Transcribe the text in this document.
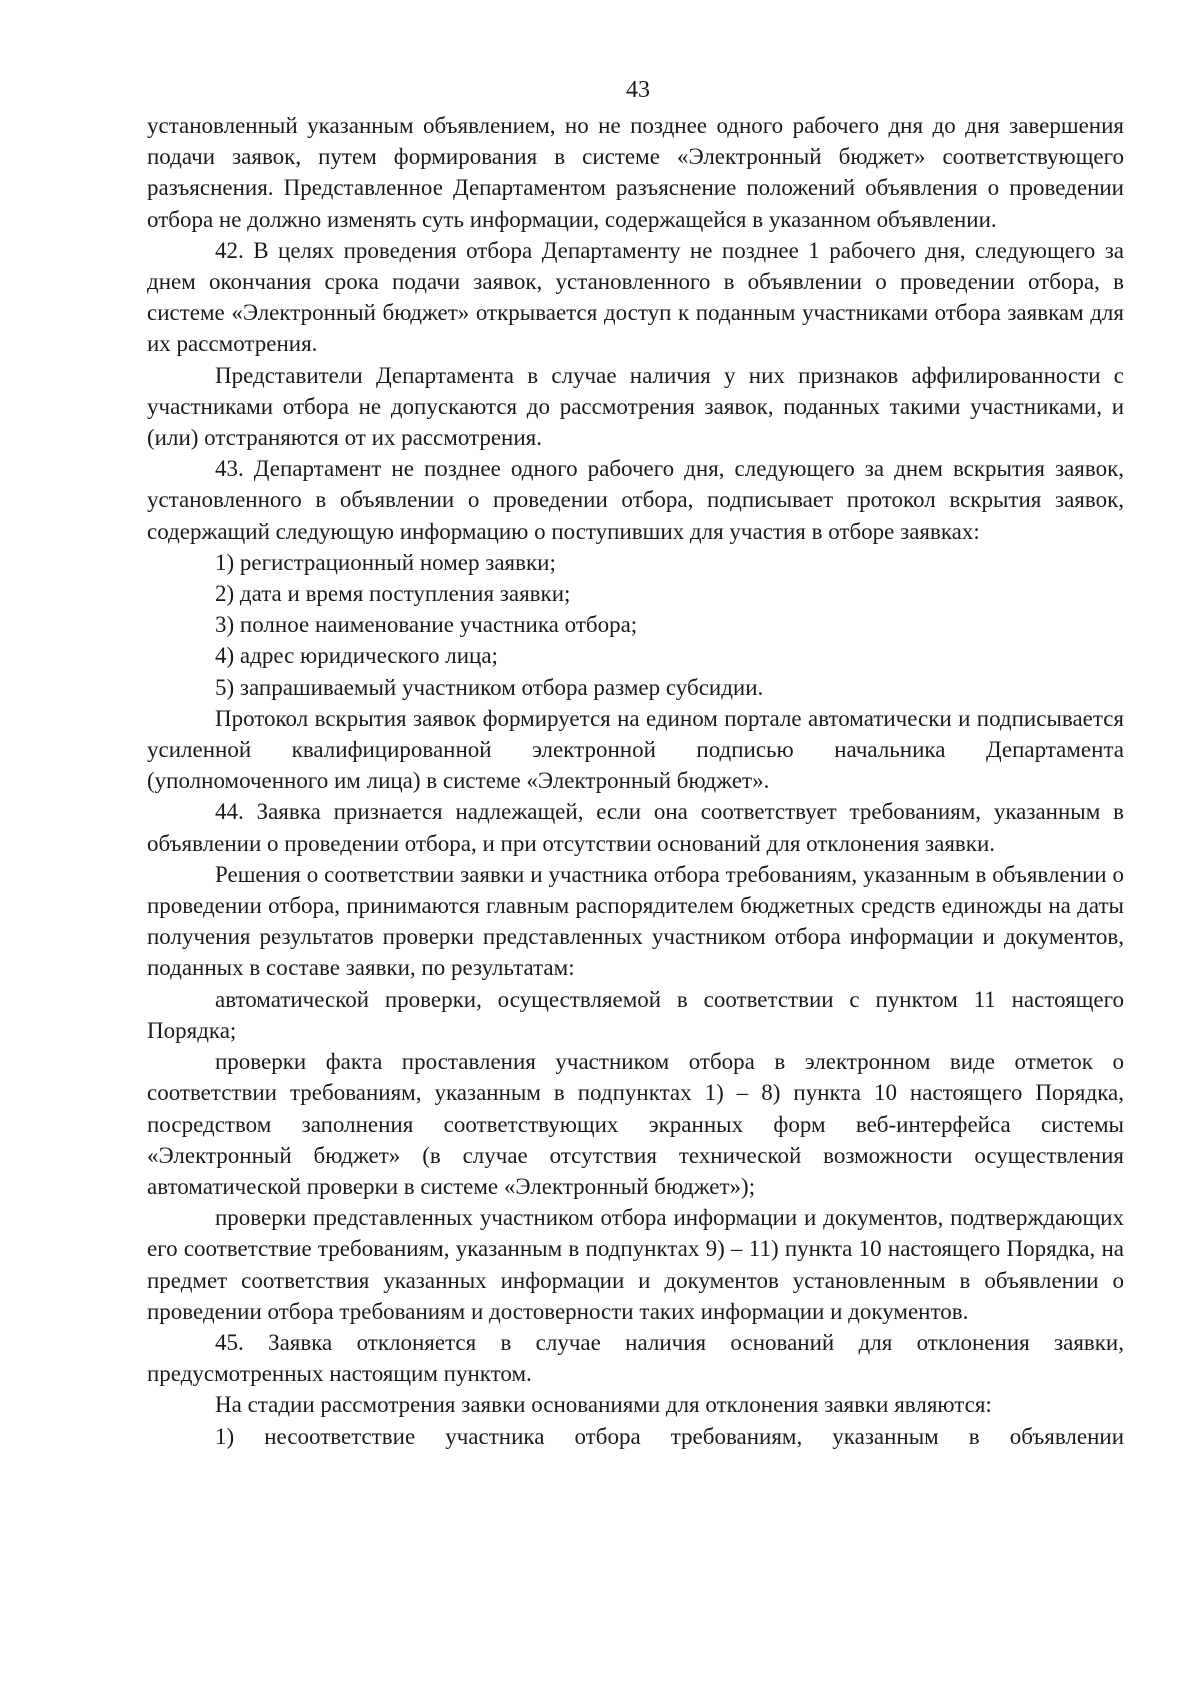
43

установленный указанным объявлением, но не позднее одного рабочего дня до дня завершения подачи заявок, путем формирования в системе «Электронный бюджет» соответствующего разъяснения. Представленное Департаментом разъяснение положений объявления о проведении отбора не должно изменять суть информации, содержащейся в указанном объявлении.

42. В целях проведения отбора Департаменту не позднее 1 рабочего дня, следующего за днем окончания срока подачи заявок, установленного в объявлении о проведении отбора, в системе «Электронный бюджет» открывается доступ к поданным участниками отбора заявкам для их рассмотрения.

Представители Департамента в случае наличия у них признаков аффилированности с участниками отбора не допускаются до рассмотрения заявок, поданных такими участниками, и (или) отстраняются от их рассмотрения.

43. Департамент не позднее одного рабочего дня, следующего за днем вскрытия заявок, установленного в объявлении о проведении отбора, подписывает протокол вскрытия заявок, содержащий следующую информацию о поступивших для участия в отборе заявках:

1) регистрационный номер заявки;

2) дата и время поступления заявки;

3) полное наименование участника отбора;

4) адрес юридического лица;

5) запрашиваемый участником отбора размер субсидии.

Протокол вскрытия заявок формируется на едином портале автоматически и подписывается усиленной квалифицированной электронной подписью начальника Департамента (уполномоченного им лица) в системе «Электронный бюджет».

44. Заявка признается надлежащей, если она соответствует требованиям, указанным в объявлении о проведении отбора, и при отсутствии оснований для отклонения заявки.

Решения о соответствии заявки и участника отбора требованиям, указанным в объявлении о проведении отбора, принимаются главным распорядителем бюджетных средств единожды на даты получения результатов проверки представленных участником отбора информации и документов, поданных в составе заявки, по результатам:

автоматической проверки, осуществляемой в соответствии с пунктом 11 настоящего Порядка;

проверки факта проставления участником отбора в электронном виде отметок о соответствии требованиям, указанным в подпунктах 1) – 8) пункта 10 настоящего Порядка, посредством заполнения соответствующих экранных форм веб-интерфейса системы «Электронный бюджет» (в случае отсутствия технической возможности осуществления автоматической проверки в системе «Электронный бюджет»);

проверки представленных участником отбора информации и документов, подтверждающих его соответствие требованиям, указанным в подпунктах 9) – 11) пункта 10 настоящего Порядка, на предмет соответствия указанных информации и документов установленным в объявлении о проведении отбора требованиям и достоверности таких информации и документов.

45. Заявка отклоняется в случае наличия оснований для отклонения заявки, предусмотренных настоящим пунктом.

На стадии рассмотрения заявки основаниями для отклонения заявки являются:

1) несоответствие участника отбора требованиям, указанным в объявлении
